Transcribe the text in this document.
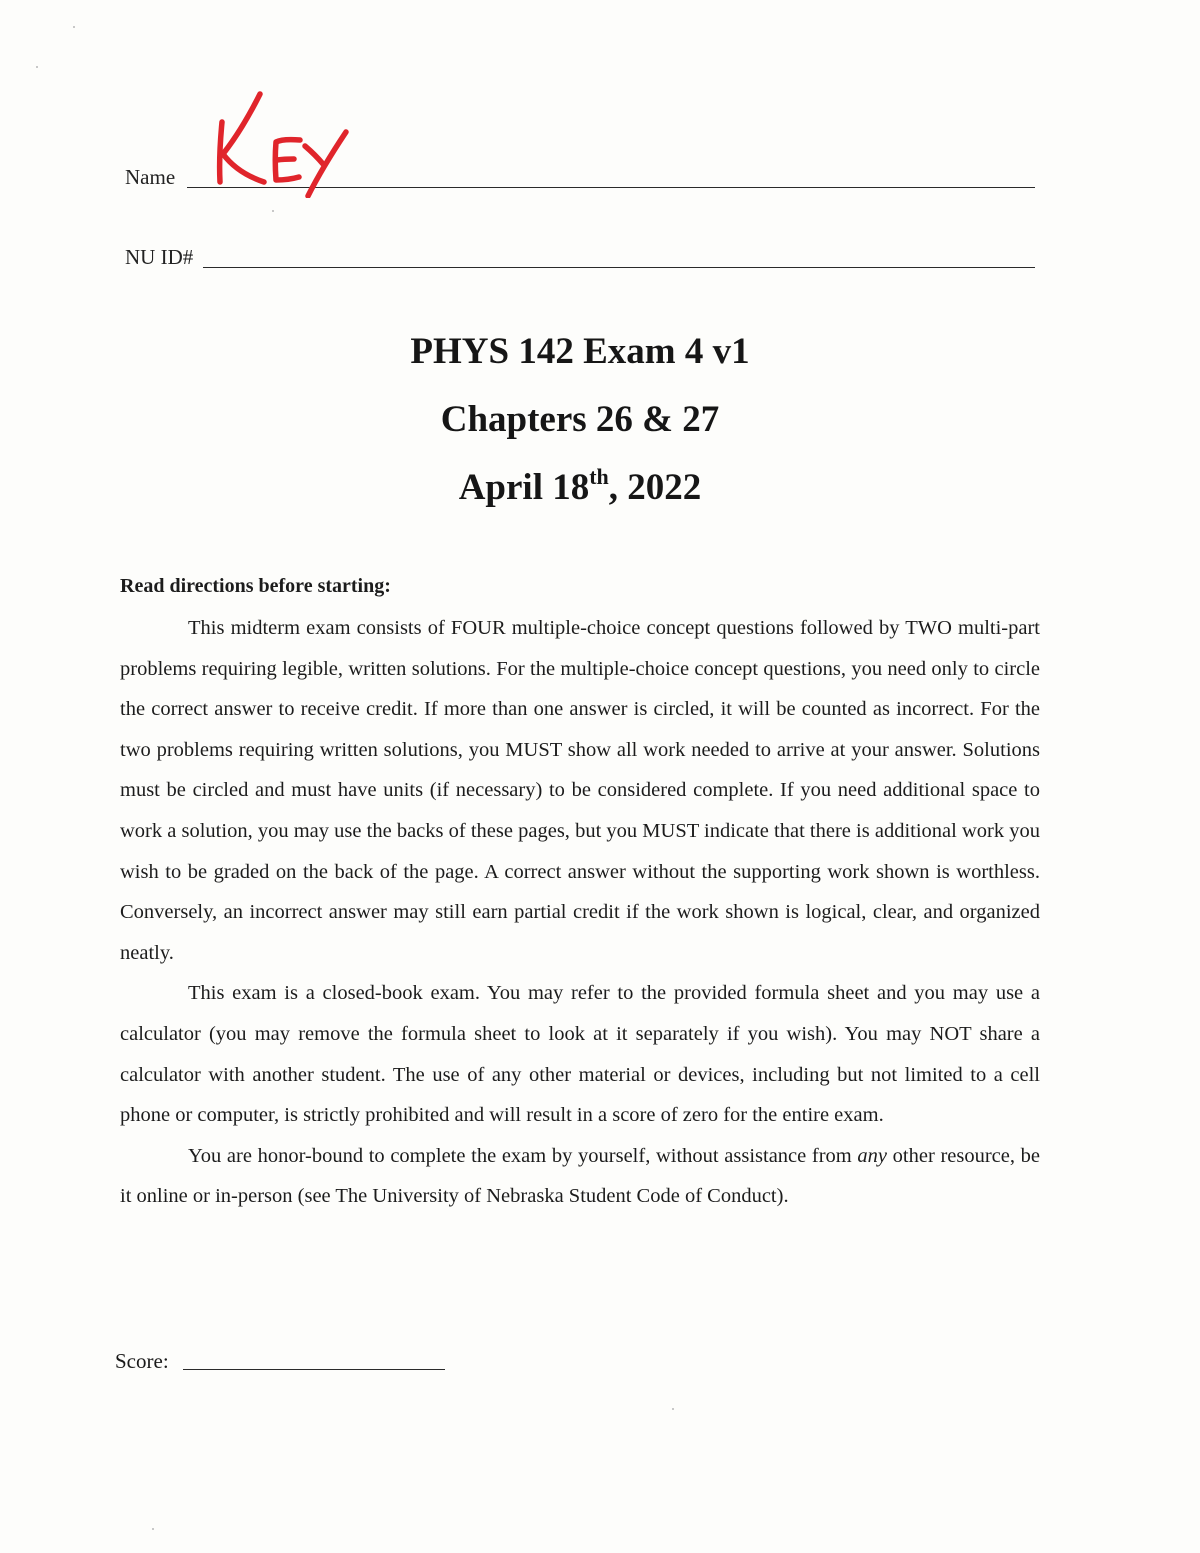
Name
NU ID#
PHYS 142 Exam 4 v1
Chapters 26 & 27
April 18th, 2022
Read directions before starting:

This midterm exam consists of FOUR multiple-choice concept questions followed by TWO multi-part problems requiring legible, written solutions. For the multiple-choice concept questions, you need only to circle the correct answer to receive credit. If more than one answer is circled, it will be counted as incorrect. For the two problems requiring written solutions, you MUST show all work needed to arrive at your answer. Solutions must be circled and must have units (if necessary) to be considered complete. If you need additional space to work a solution, you may use the backs of these pages, but you MUST indicate that there is additional work you wish to be graded on the back of the page. A correct answer without the supporting work shown is worthless. Conversely, an incorrect answer may still earn partial credit if the work shown is logical, clear, and organized neatly.

This exam is a closed-book exam. You may refer to the provided formula sheet and you may use a calculator (you may remove the formula sheet to look at it separately if you wish). You may NOT share a calculator with another student. The use of any other material or devices, including but not limited to a cell phone or computer, is strictly prohibited and will result in a score of zero for the entire exam.

You are honor-bound to complete the exam by yourself, without assistance from any other resource, be it online or in-person (see The University of Nebraska Student Code of Conduct).

Score:
